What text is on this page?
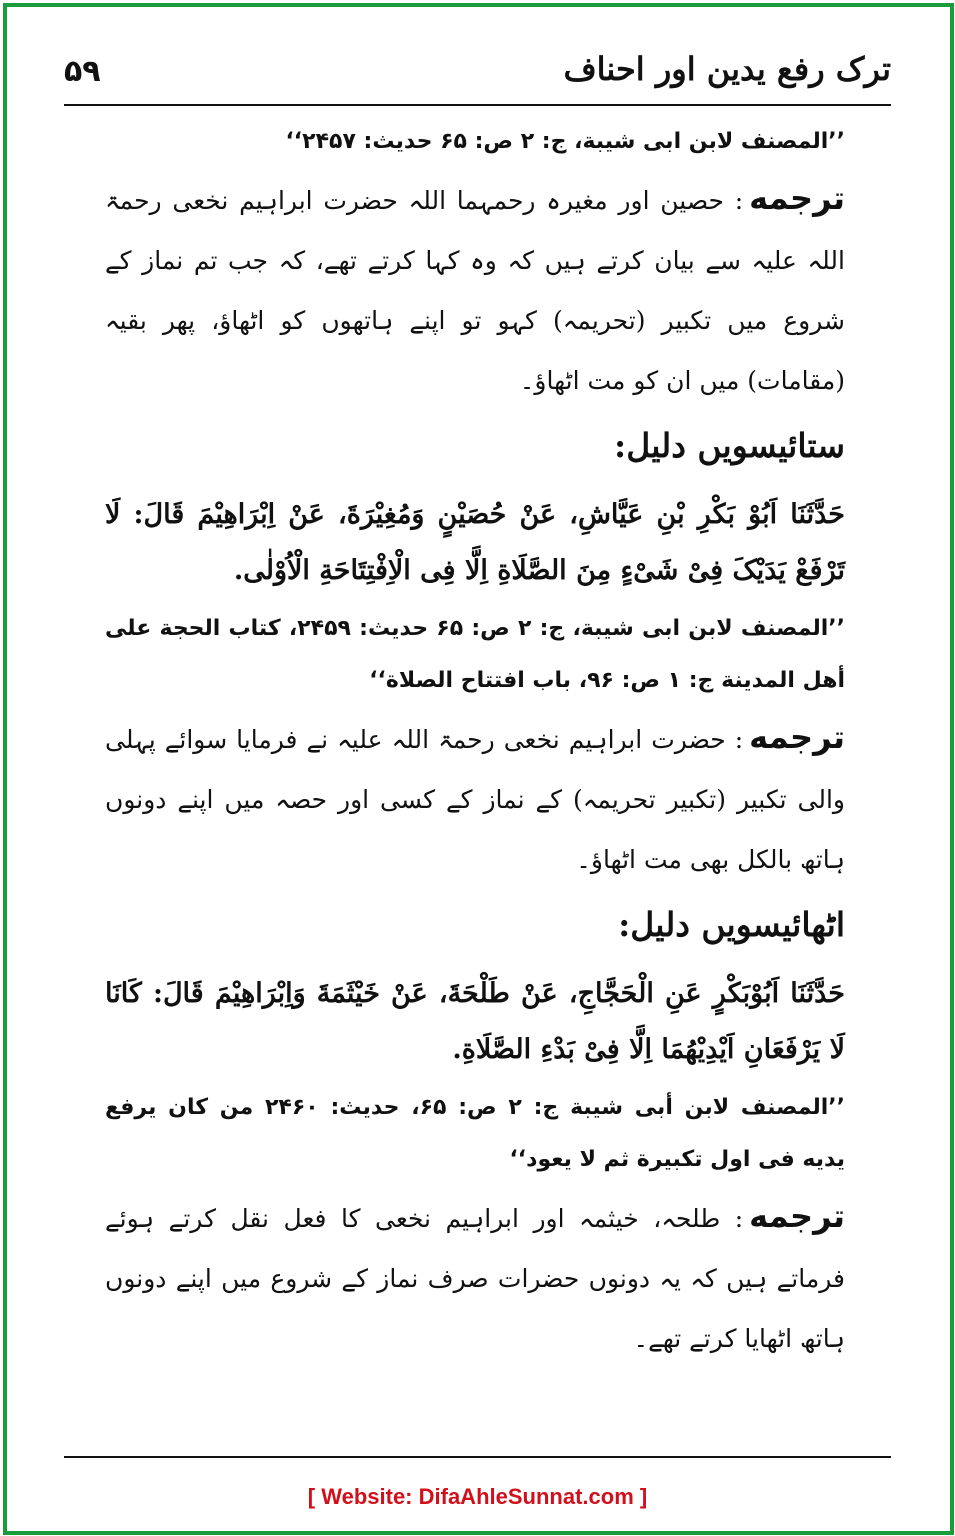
۵۹	ترک رفع یدین اور احناف

’’المصنف لابن ابی شیبة، ج: ۲ ص: ۶۵ حدیث: ۲۴۵۷‘‘

ترجمه: حصین اور مغیرہ رحمہما اللہ حضرت ابراہیم نخعی رحمۃ اللہ علیہ سے بیان کرتے ہیں کہ وہ کہا کرتے تھے، کہ جب تم نماز کے شروع میں تکبیر (تحریمہ) کہو تو اپنے ہاتھوں کو اٹھاؤ، پھر بقیہ (مقامات) میں ان کو مت اٹھاؤ۔

ستائیسویں دلیل:

حَدَّثَنَا اَبُوْ بَکْرِ بْنِ عَیَّاشِ، عَنْ حُصَیْنٍ وَمُغِیْرَةَ، عَنْ اِبْرَاھِیْمَ قَالَ: لَا تَرْفَعْ یَدَیْکَ فِیْ شَیْءٍ مِنَ الصَّلَاةِ اِلَّا فِی الْاِفْتِتَاحَةِ الْاُوْلٰی.

’’المصنف لابن ابی شیبة، ج: ۲ ص: ۶۵ حدیث: ۲۴۵۹، کتاب الحجة علی أهل المدینة ج: ۱ ص: ۹۶، باب افتتاح الصلاة‘‘

ترجمه: حضرت ابراہیم نخعی رحمۃ اللہ علیہ نے فرمایا سوائے پہلی والی تکبیر (تکبیر تحریمہ) کے نماز کے کسی اور حصہ میں اپنے دونوں ہاتھ بالکل بھی مت اٹھاؤ۔

اٹھائیسویں دلیل:

حَدَّثَنَا اَبُوْبَکْرٍ عَنِ الْحَجَّاجِ، عَنْ طَلْحَةَ، عَنْ خَیْثَمَةَ وَاِبْرَاھِیْمَ قَالَ: کَانَا لَا یَرْفَعَانِ اَیْدِیْھُمَا اِلَّا فِیْ بَدْءِ الصَّلَاةِ.

’’المصنف لابن أبی شیبة ج: ۲ ص: ۶۵، حدیث: ۲۴۶۰ من کان یرفع یدیه فی اول تکبیرة ثم لا یعود‘‘

ترجمه: طلحہ، خیثمہ اور ابراہیم نخعی کا فعل نقل کرتے ہوئے فرماتے ہیں کہ یہ دونوں حضرات صرف نماز کے شروع میں اپنے دونوں ہاتھ اٹھایا کرتے تھے۔

[ Website: DifaAhleSunnat.com ]
